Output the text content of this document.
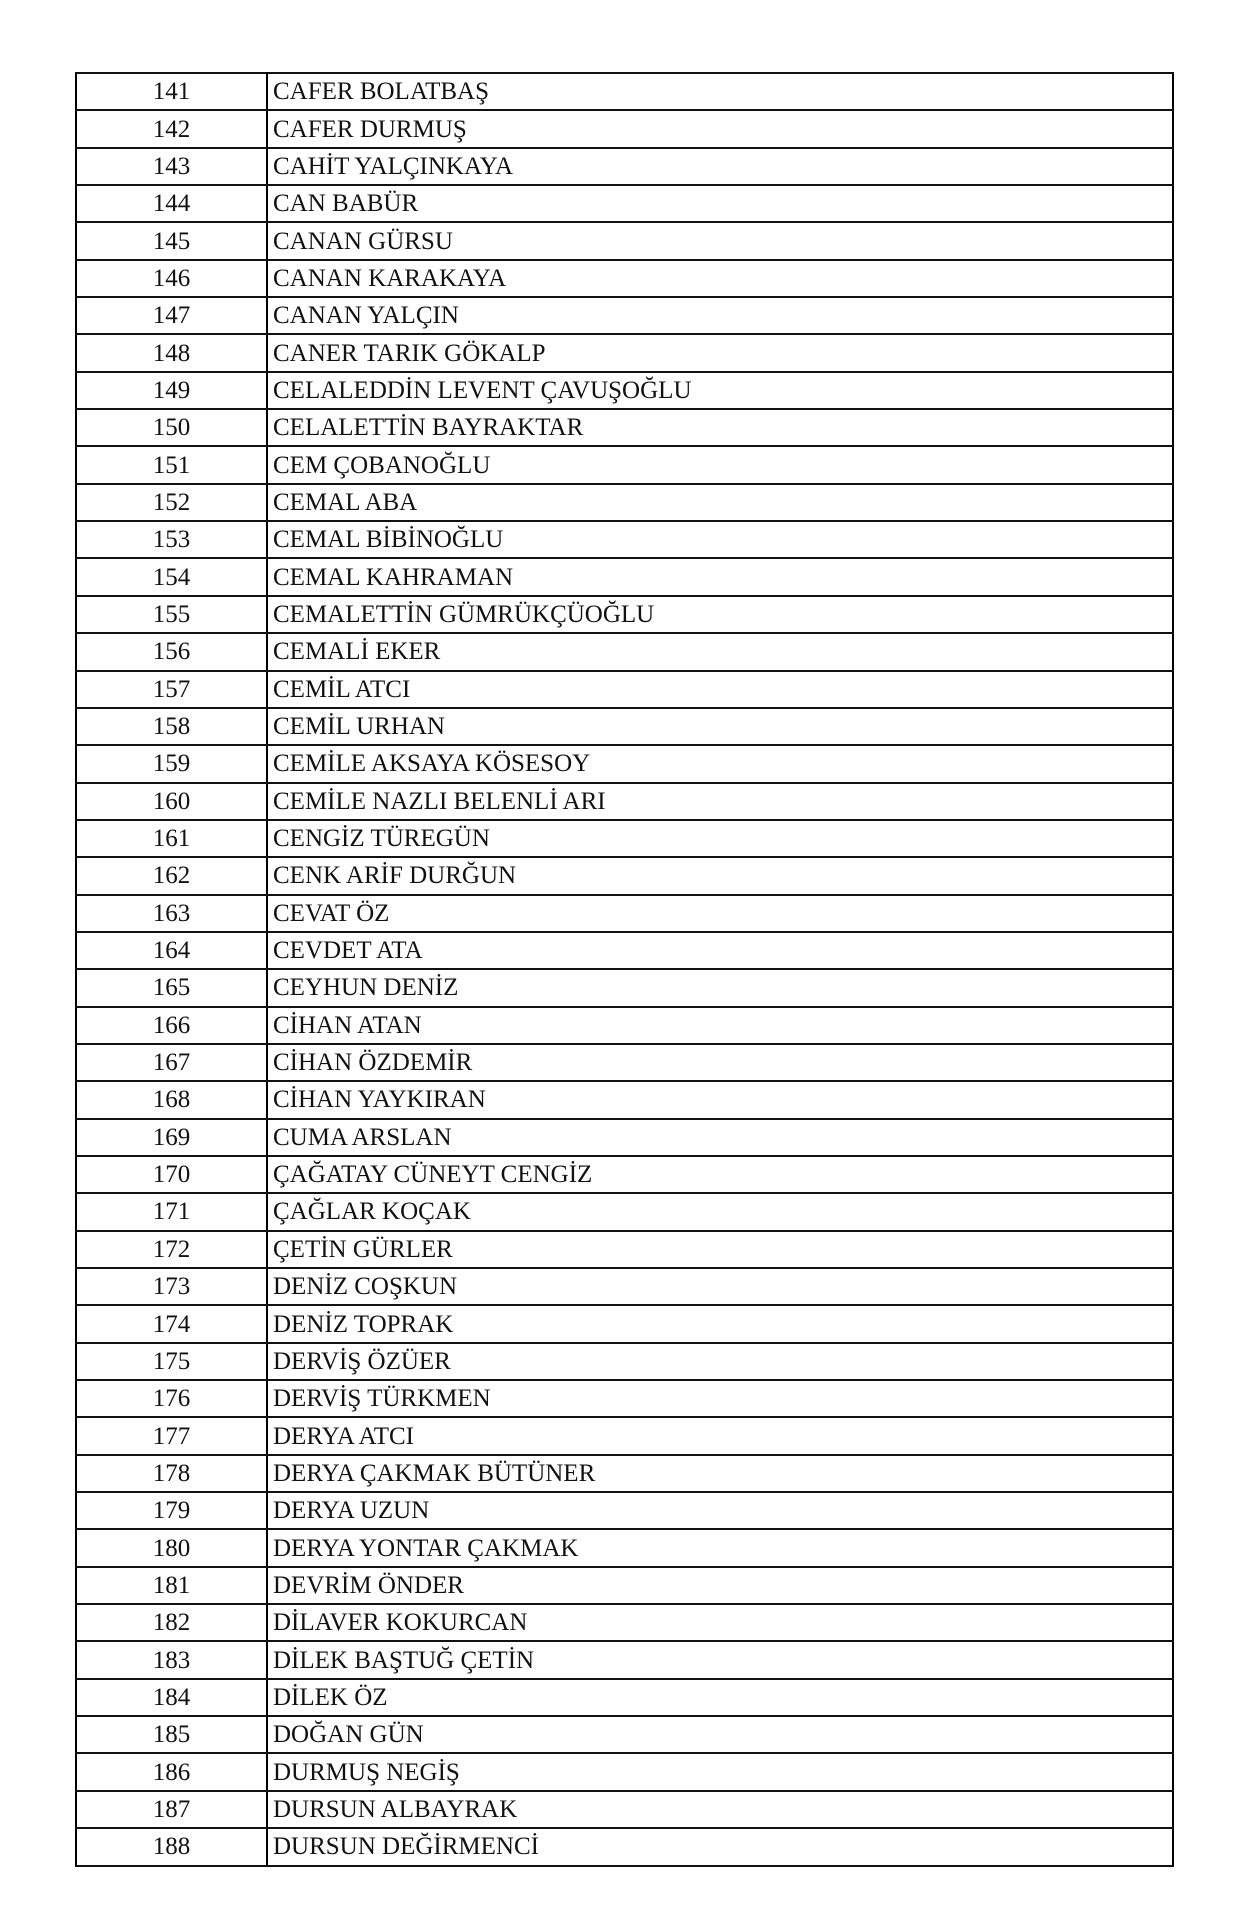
141	CAFER BOLATBAŞ
142	CAFER DURMUŞ
143	CAHİT YALÇINKAYA
144	CAN BABÜR
145	CANAN GÜRSU
146	CANAN KARAKAYA
147	CANAN YALÇIN
148	CANER TARIK GÖKALP
149	CELALEDDİN LEVENT ÇAVUŞOĞLU
150	CELALETTİN BAYRAKTAR
151	CEM ÇOBANOĞLU
152	CEMAL ABA
153	CEMAL BİBİNOĞLU
154	CEMAL KAHRAMAN
155	CEMALETTİN GÜMRÜKÇÜOĞLU
156	CEMALİ EKER
157	CEMİL ATCI
158	CEMİL URHAN
159	CEMİLE AKSAYA KÖSESOY
160	CEMİLE NAZLI BELENLİ ARI
161	CENGİZ TÜREGÜN
162	CENK ARİF DURĞUN
163	CEVAT ÖZ
164	CEVDET ATA
165	CEYHUN DENİZ
166	CİHAN ATAN
167	CİHAN ÖZDEMİR
168	CİHAN YAYKIRAN
169	CUMA ARSLAN
170	ÇAĞATAY CÜNEYT CENGİZ
171	ÇAĞLAR KOÇAK
172	ÇETİN GÜRLER
173	DENİZ COŞKUN
174	DENİZ TOPRAK
175	DERVİŞ ÖZÜER
176	DERVİŞ TÜRKMEN
177	DERYA ATCI
178	DERYA ÇAKMAK BÜTÜNER
179	DERYA UZUN
180	DERYA YONTAR ÇAKMAK
181	DEVRİM ÖNDER
182	DİLAVER KOKURCAN
183	DİLEK BAŞTUĞ ÇETİN
184	DİLEK ÖZ
185	DOĞAN GÜN
186	DURMUŞ NEGİŞ
187	DURSUN ALBAYRAK
188	DURSUN DEĞİRMENCİ
